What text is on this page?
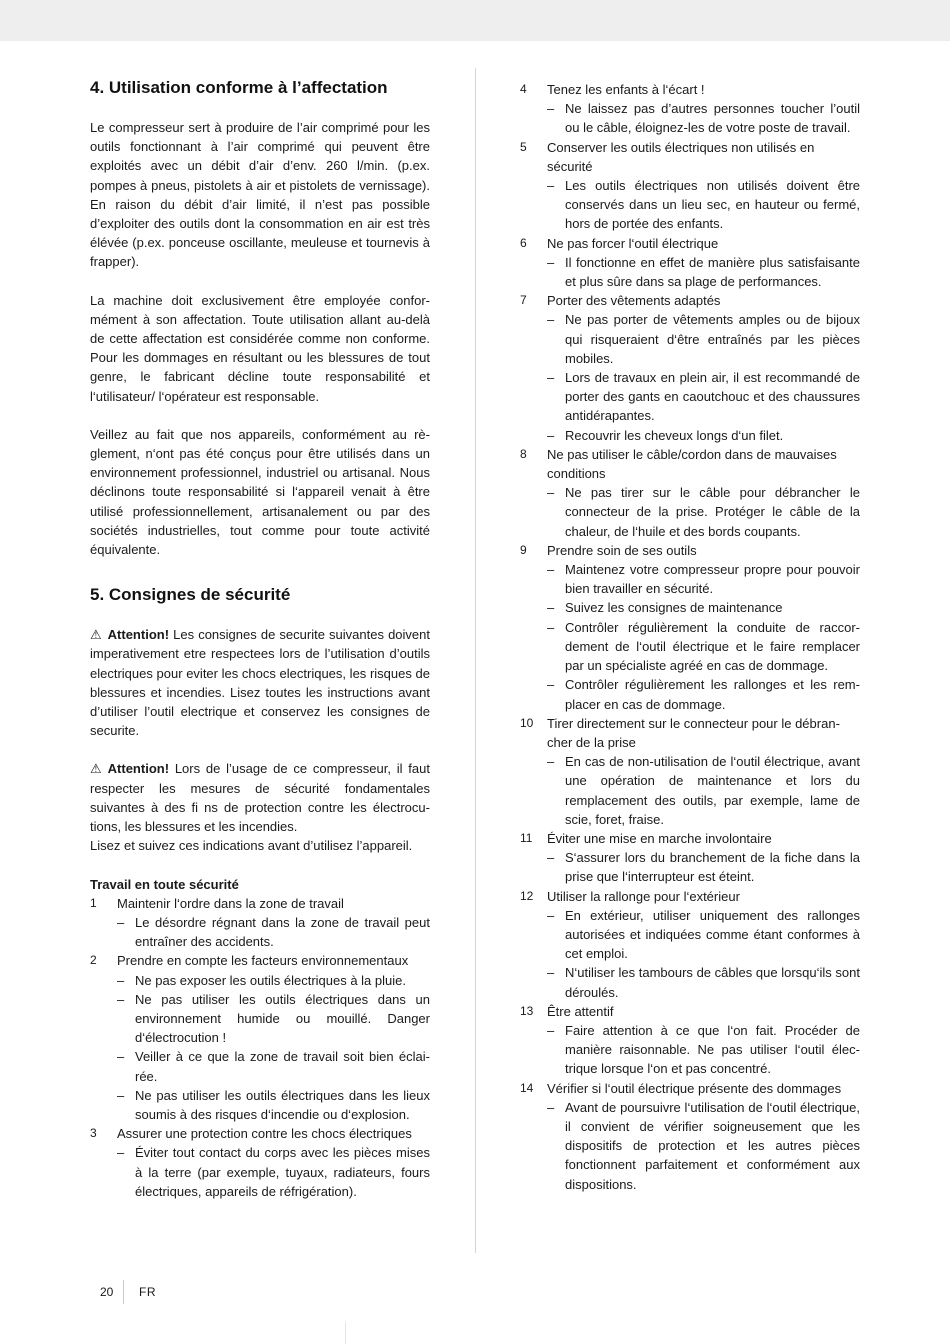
4. Utilisation conforme à l’affectation

Le compresseur sert à produire de l’air comprimé pour les outils fonctionnant à l’air comprimé qui peuvent être exploités avec un débit d’air d’env. 260 l/min. (p.ex. pompes à pneus, pistolets à air et pistolets de vernissage). En raison du débit d’air limité, il n’est pas possible d’exploiter des outils dont la consommation en air est très élévée (p.ex. ponceuse oscillante, meuleuse et tournevis à frapper).

La machine doit exclusivement être employée conformément à son affectation. Toute utilisation allant au-delà de cette affectation est considérée comme non conforme. Pour les dommages en résultant ou les blessures de tout genre, le fabricant décline toute responsabilité et l‘utilisateur/ l‘opérateur est responsable.

Veillez au fait que nos appareils, conformément au règlement, n‘ont pas été conçus pour être utilisés dans un environnement professionnel, industriel ou artisanal. Nous déclinons toute responsabilité si l‘appareil venait à être utilisé professionnellement, artisanalement ou par des sociétés industrielles, tout comme pour toute activité équivalente.

5. Consignes de sécurité

⚠ Attention! Les consignes de securite suivantes doivent imperativement etre respectees lors de l’utilisation d’outils electriques pour eviter les chocs electriques, les risques de blessures et incendies. Lisez toutes les instructions avant d’utiliser l’outil electrique et conservez les consignes de securite.

⚠ Attention! Lors de l’usage de ce compresseur, il faut respecter les mesures de sécurité fondamentales suivantes à des fi ns de protection contre les électrocutions, les blessures et les incendies.

Lisez et suivez ces indications avant d’utilisez l’appareil.

Travail en toute sécurité

1	Maintenir l‘ordre dans la zone de travail
– Le désordre régnant dans la zone de travail peut entraîner des accidents.
2	Prendre en compte les facteurs environnementaux
– Ne pas exposer les outils électriques à la pluie.
– Ne pas utiliser les outils électriques dans un environnement humide ou mouillé. Danger d‘électrocution !
– Veiller à ce que la zone de travail soit bien éclairée.
– Ne pas utiliser les outils électriques dans les lieux soumis à des risques d‘incendie ou d‘explosion.
3	Assurer une protection contre les chocs électriques
– Éviter tout contact du corps avec les pièces mises à la terre (par exemple, tuyaux, radiateurs, fours électriques, appareils de réfrigération).
4	Tenez les enfants à l‘écart !
– Ne laissez pas d’autres personnes toucher l’outil ou le câble, éloignez-les de votre poste de travail.
5	Conserver les outils électriques non utilisés en sécurité
– Les outils électriques non utilisés doivent être conservés dans un lieu sec, en hauteur ou fermé, hors de portée des enfants.
6	Ne pas forcer l‘outil électrique
– Il fonctionne en effet de manière plus satisfaisante et plus sûre dans sa plage de performances.
7	Porter des vêtements adaptés
– Ne pas porter de vêtements amples ou de bijoux qui risqueraient d‘être entraînés par les pièces mobiles.
– Lors de travaux en plein air, il est recommandé de porter des gants en caoutchouc et des chaussures antidérapantes.
– Recouvrir les cheveux longs d‘un filet.
8	Ne pas utiliser le câble/cordon dans de mauvaises conditions
– Ne pas tirer sur le câble pour débrancher le connecteur de la prise. Protéger le câble de la chaleur, de l‘huile et des bords coupants.
9	Prendre soin de ses outils
– Maintenez votre compresseur propre pour pouvoir bien travailler en sécurité.
– Suivez les consignes de maintenance
– Contrôler régulièrement la conduite de raccordement de l‘outil électrique et le faire remplacer par un spécialiste agréé en cas de dommage.
– Contrôler régulièrement les rallonges et les remplacer en cas de dommage.
10	Tirer directement sur le connecteur pour le débrancher de la prise
– En cas de non-utilisation de l‘outil électrique, avant une opération de maintenance et lors du remplacement des outils, par exemple, lame de scie, foret, fraise.
11	Éviter une mise en marche involontaire
– S‘assurer lors du branchement de la fiche dans la prise que l‘interrupteur est éteint.
12	Utiliser la rallonge pour l‘extérieur
– En extérieur, utiliser uniquement des rallonges autorisées et indiquées comme étant conformes à cet emploi.
– N‘utiliser les tambours de câbles que lorsqu‘ils sont déroulés.
13	Être attentif
– Faire attention à ce que l‘on fait. Procéder de manière raisonnable. Ne pas utiliser l‘outil électrique lorsque l‘on et pas concentré.
14	Vérifier si l‘outil électrique présente des dommages
– Avant de poursuivre l‘utilisation de l‘outil électrique, il convient de vérifier soigneusement que les dispositifs de protection et les autres pièces fonctionnent parfaitement et conformément aux dispositions.
20	FR
